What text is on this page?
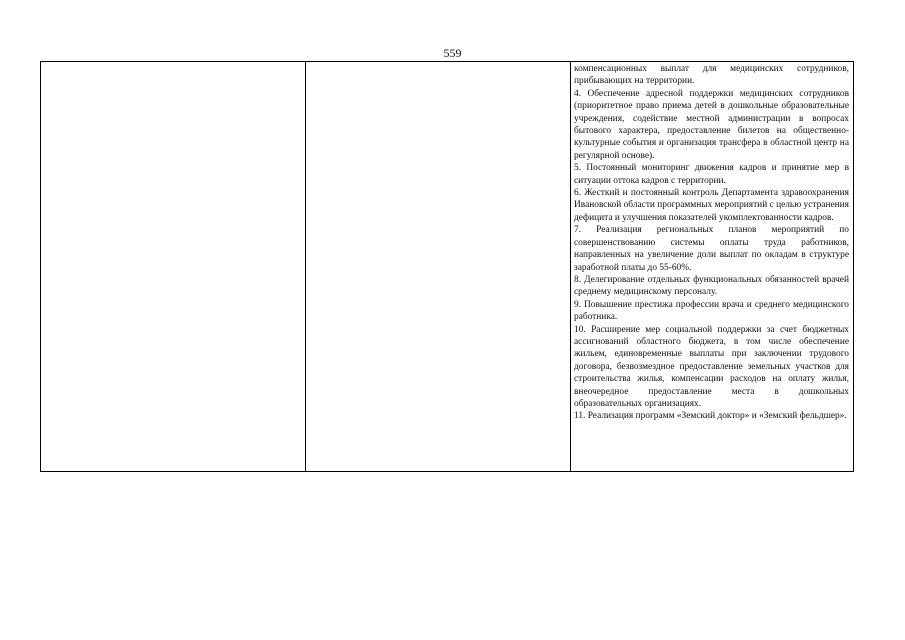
559

компенсационных выплат для медицинских сотрудников, прибывающих на территории.

4. Обеспечение адресной поддержки медицинских сотрудников (приоритетное право приема детей в дошкольные образовательные учреждения, содействие местной администрации в вопросах бытового характера, предоставление билетов на общественно-культурные события и организация трансфера в областной центр на регулярной основе).

5. Постоянный мониторинг движения кадров и принятие мер в ситуации оттока кадров с территории.

6. Жесткий и постоянный контроль Департамента здравоохранения Ивановской области программных мероприятий с целью устранения дефицита и улучшения показателей укомплектованности кадров.

7. Реализация региональных планов мероприятий по совершенствованию системы оплаты труда работников, направленных на увеличение доли выплат по окладам в структуре заработной платы до 55-60%.

8. Делегирование отдельных функциональных обязанностей врачей среднему медицинскому персоналу.

9. Повышение престижа профессии врача и среднего медицинского работника.

10. Расширение мер социальной поддержки за счет бюджетных ассигнований областного бюджета, в том числе обеспечение жильем, единовременные выплаты при заключении трудового договора, безвозмездное предоставление земельных участков для строительства жилья, компенсации расходов на оплату жилья, внеочередное предоставление места в дошкольных образовательных организациях.

11. Реализация программ «Земский доктор» и «Земский фельдшер».
